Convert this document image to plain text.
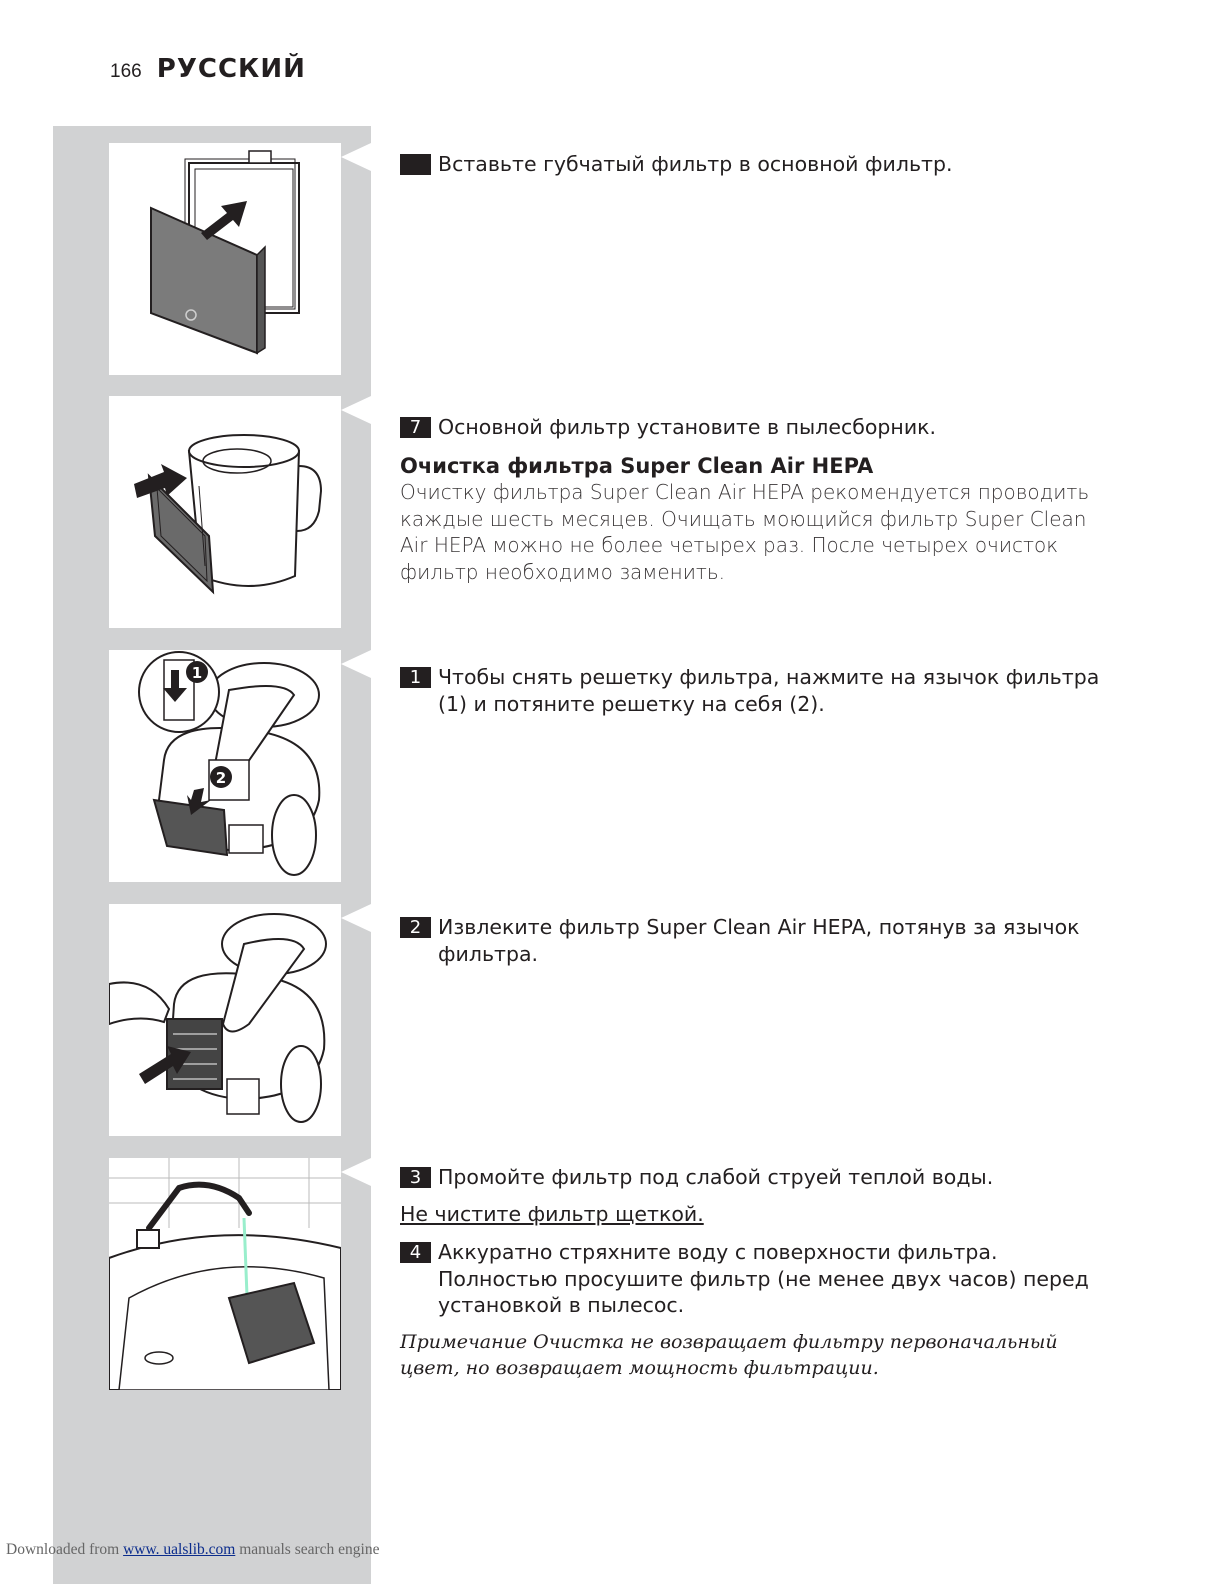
166 РУССКИЙ
1
2
Вставьте губчатый фильтр в основной фильтр.
7 Основной фильтр установите в пылесборник.
Очистка фильтра Super Clean Air HEPA
Очистку фильтра Super Clean Air HEPA рекомендуется проводить каждые шесть месяцев. Очищать моющийся фильтр Super Clean Air HEPA можно не более четырех раз. После четырех очисток фильтр необходимо заменить.
1 Чтобы снять решетку фильтра, нажмите на язычок фильтра (1) и потяните решетку на себя (2).
2 Извлеките фильтр Super Clean Air HEPA, потянув за язычок фильтра.
3 Промойте фильтр под слабой струей теплой воды.
Не чистите фильтр щеткой.
4 Аккуратно стряхните воду с поверхности фильтра. Полностью просушите фильтр (не менее двух часов) перед установкой в пылесос.
Примечание Очистка не возвращает фильтру первоначальный цвет, но возвращает мощность фильтрации.
Downloaded from www. ualslib.com manuals search engine
